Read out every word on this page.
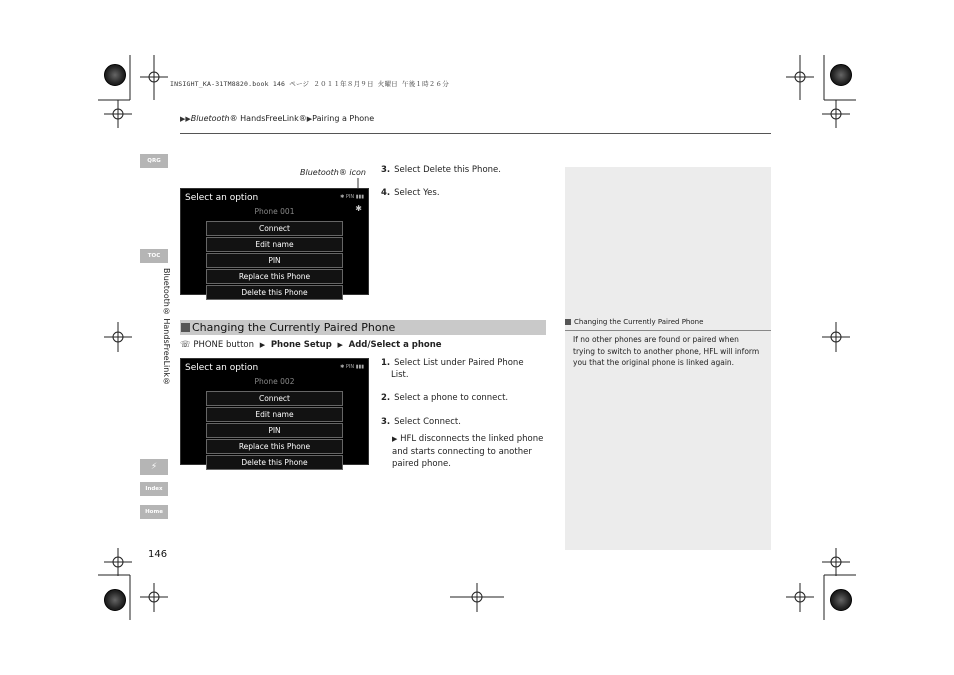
INSIGHT_KA-31TM8820.book 146 ページ ２０１１年８月９日 火曜日 午後１時２６分
▶▶Bluetooth® HandsFreeLink®▶Pairing a Phone
QRG
TOC
Bluetooth® HandsFreeLink®
⚡
Index
Home
146
Bluetooth® icon
Select an option	✱ PIN ▮▮▮
✱
Phone 001
Connect
Edit name
PIN
Replace this Phone
Delete this Phone
3. Select Delete this Phone.
4. Select Yes.
Changing the Currently Paired Phone
☏ PHONE button ▶ Phone Setup ▶ Add/Select a phone
Select an option	✱ PIN ▮▮▮
Phone 002
Connect
Edit name
PIN
Replace this Phone
Delete this Phone
1. Select List under Paired Phone
List.
2. Select a phone to connect.
3. Select Connect.
▶ HFL disconnects the linked phone and starts connecting to another paired phone.
Changing the Currently Paired Phone
If no other phones are found or paired when trying to switch to another phone, HFL will inform you that the original phone is linked again.
